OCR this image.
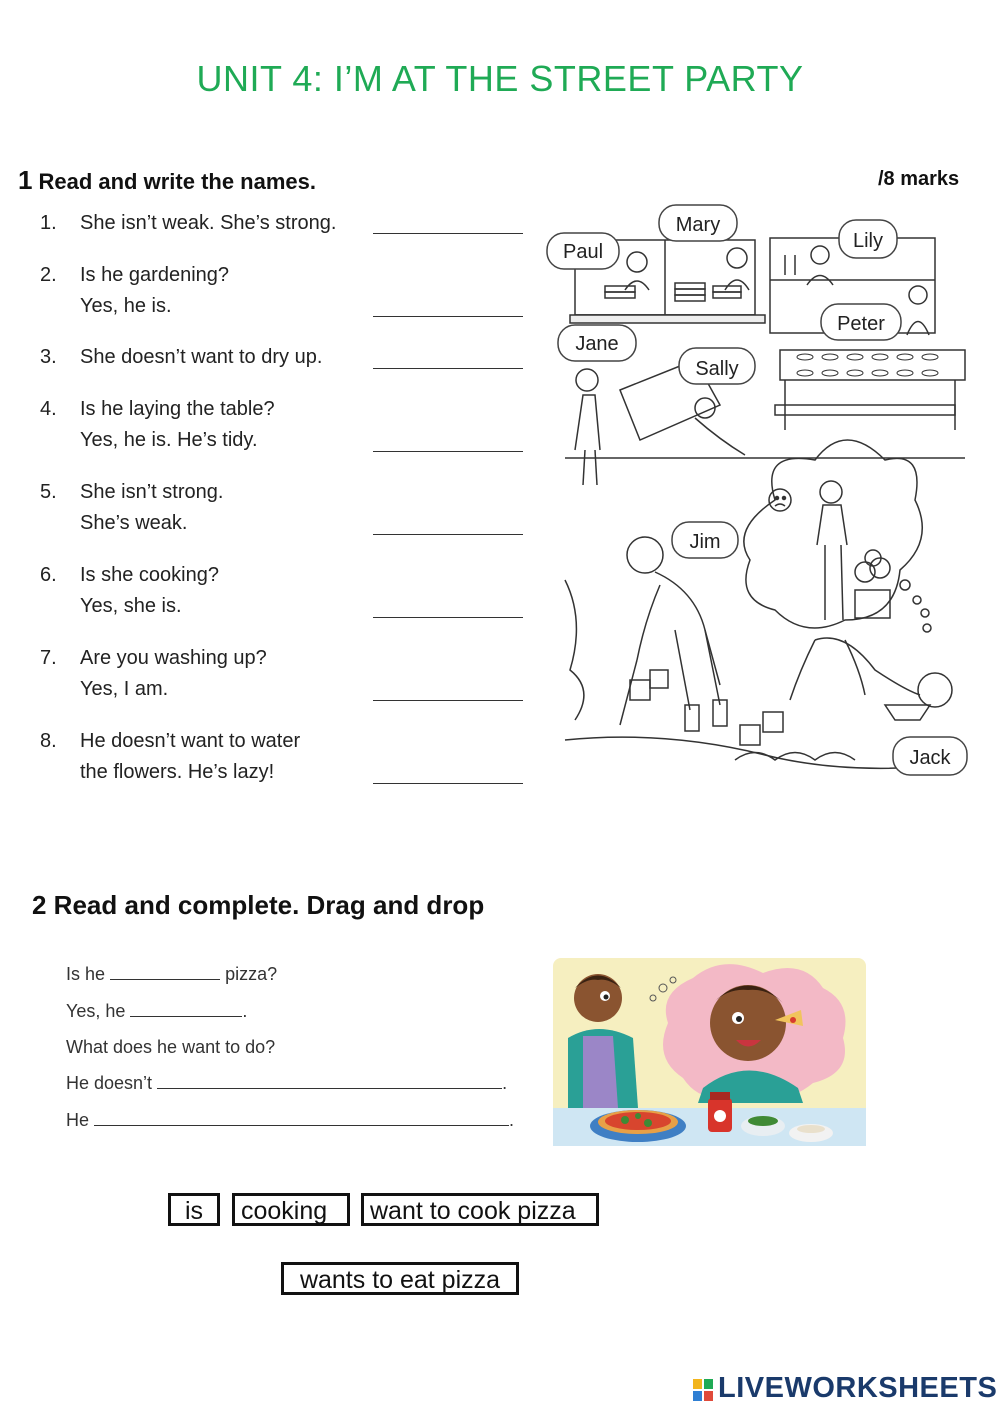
UNIT 4: I’M AT THE STREET PARTY
1 Read and write the names.	/8 marks
1. She isn’t weak. She’s strong.
2. Is he gardening?
Yes, he is.
3. She doesn’t want to dry up.
4. Is he laying the table?
Yes, he is. He’s tidy.
5. She isn’t strong.
She’s weak.
6. Is she cooking?
Yes, she is.
7. Are you washing up?
Yes, I am.
8. He doesn’t want to water
the flowers. He’s lazy!
Mary
Paul	Lily
Peter
Jane
Sally
Jim
Jack
2 Read and complete. Drag and drop
Is he	pizza?
Yes, he	.
What does he want to do?
He doesn’t	.
He	.
is	cooking	want to cook pizza
wants to eat pizza
LIVEWORKSHEETS
